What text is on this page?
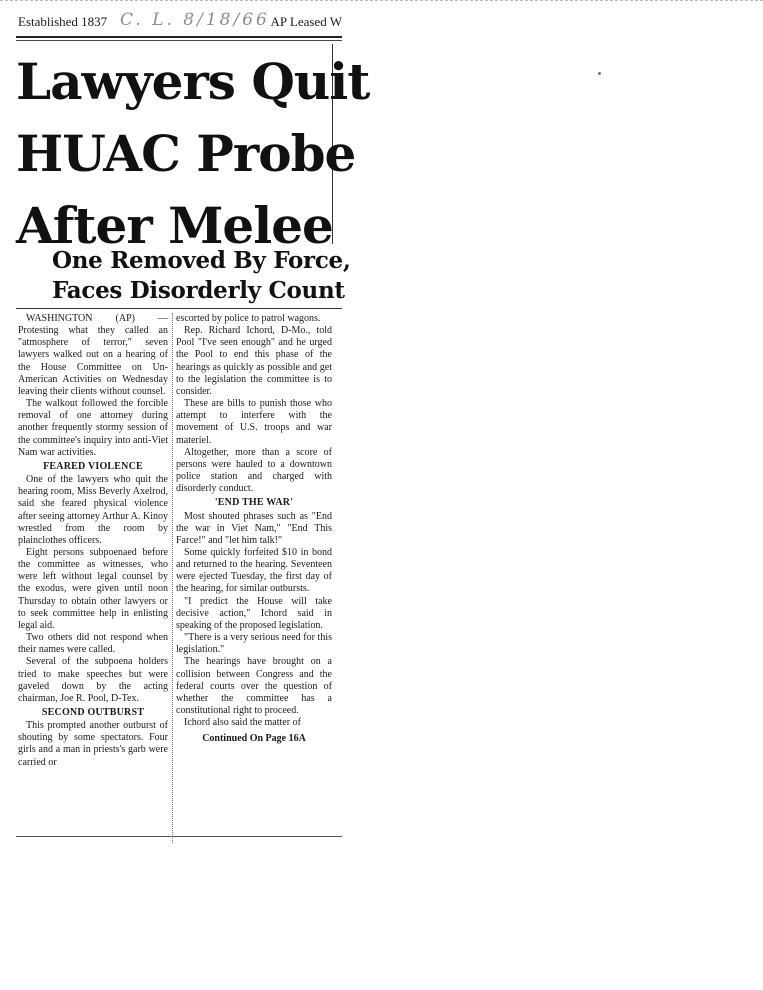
Established 1837 C. L. 8/18/66 AP Leased W
Lawyers Quit
HUAC Probe
After Melee
One Removed By Force,
Faces Disorderly Count

WASHINGTON (AP) — Protesting what they called an "atmosphere of terror," seven lawyers walked out on a hearing of the House Committee on Un-American Activities on Wednesday leaving their clients without counsel.

The walkout followed the forcible removal of one attorney during another frequently stormy session of the committee's inquiry into anti-Viet Nam war activities.

FEARED VIOLENCE

One of the lawyers who quit the hearing room, Miss Beverly Axelrod, said she feared physical violence after seeing attorney Arthur A. Kinoy wrestled from the room by plainclothes officers.

Eight persons subpoenaed before the committee as witnesses, who were left without legal counsel by the exodus, were given until noon Thursday to obtain other lawyers or to seek committee help in enlisting legal aid.

Two others did not respond when their names were called.

Several of the subpoena holders tried to make speeches but were gaveled down by the acting chairman, Joe R. Pool, D-Tex.

SECOND OUTBURST

This prompted another outburst of shouting by some spectators. Four girls and a man in priests's garb were carried or

escorted by police to patrol wagons.

Rep. Richard Ichord, D-Mo., told Pool "I've seen enough" and he urged the Pool to end this phase of the hearings as quickly as possible and get to the legislation the committee is to consider.

These are bills to punish those who attempt to interfere with the movement of U.S. troops and war materiel.

Altogether, more than a score of persons were hauled to a downtown police station and charged with disorderly conduct.

'END THE WAR'

Most shouted phrases such as "End the war in Viet Nam," "End This Farce!" and "let him talk!"

Some quickly forfeited $10 in bond and returned to the hearing. Seventeen were ejected Tuesday, the first day of the hearing, for similar outbursts.

"I predict the House will take decisive action," Ichord said in speaking of the proposed legislation.

"There is a very serious need for this legislation."

The hearings have brought on a collision between Congress and the federal courts over the question of whether the committee has a constitutional right to proceed.

Ichord also said the matter of

Continued On Page 16A
